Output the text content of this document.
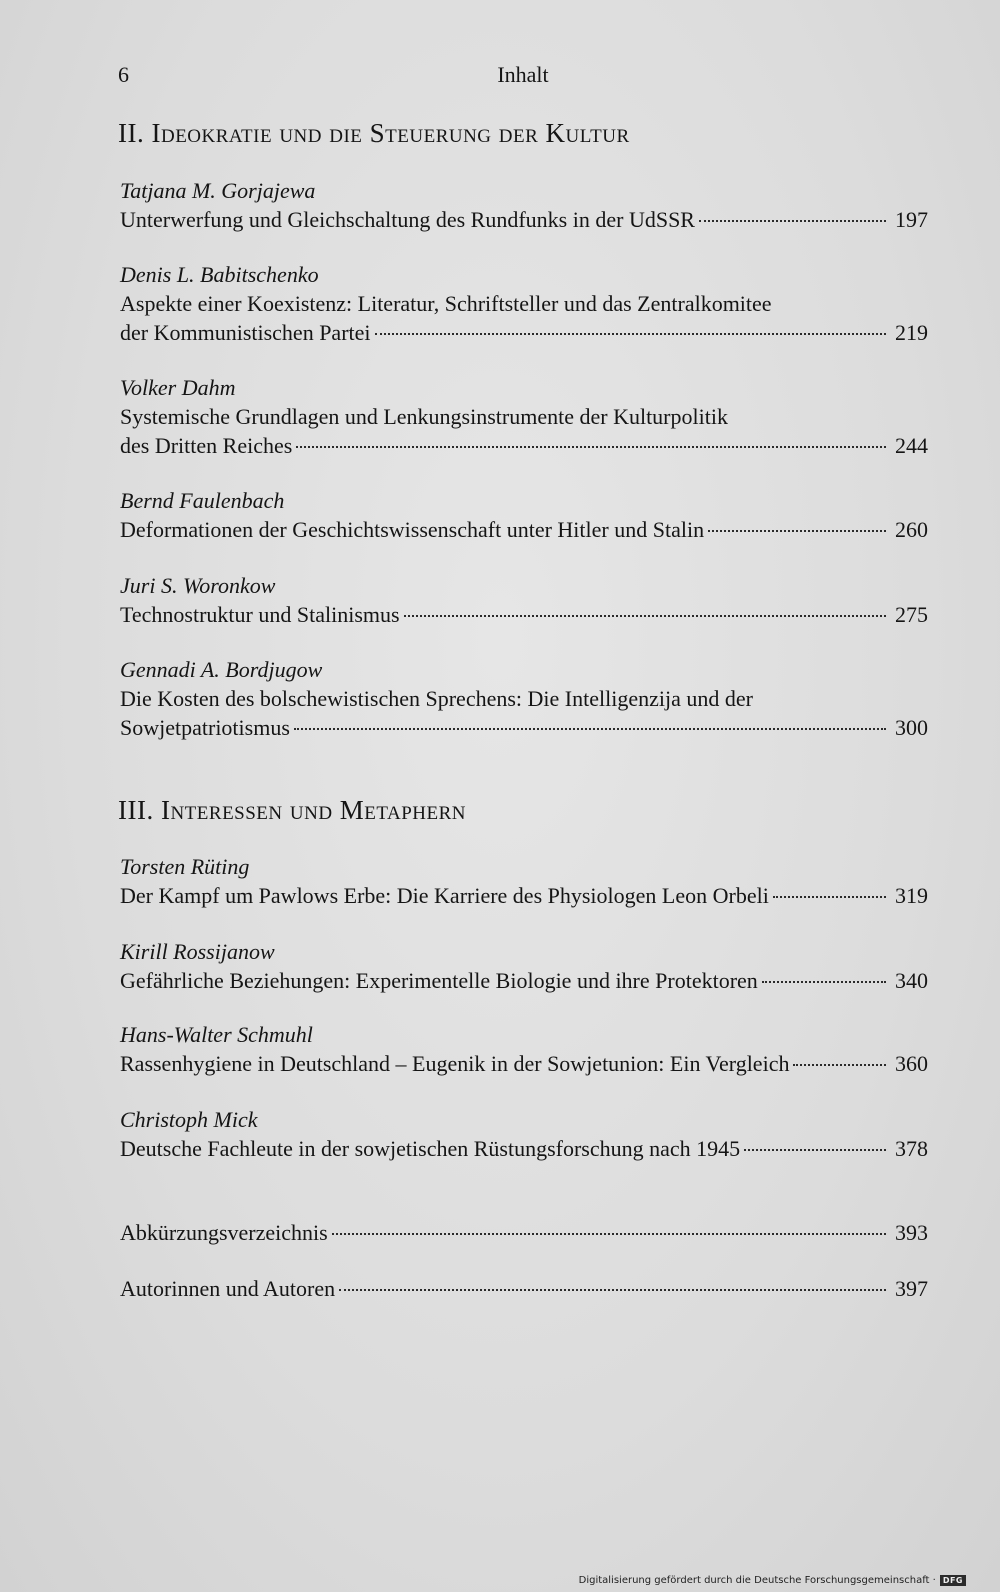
6	Inhalt
II. Ideokratie und die Steuerung der Kultur
Tatjana M. Gorjajewa
Unterwerfung und Gleichschaltung des Rundfunks in der UdSSR	197
Denis L. Babitschenko
Aspekte einer Koexistenz: Literatur, Schriftsteller und das Zentralkomitee
der Kommunistischen Partei	219
Volker Dahm
Systemische Grundlagen und Lenkungsinstrumente der Kulturpolitik
des Dritten Reiches	244
Bernd Faulenbach
Deformationen der Geschichtswissenschaft unter Hitler und Stalin	260
Juri S. Woronkow
Technostruktur und Stalinismus	275
Gennadi A. Bordjugow
Die Kosten des bolschewistischen Sprechens: Die Intelligenzija und der
Sowjetpatriotismus	300
III. Interessen und Metaphern
Torsten Rüting
Der Kampf um Pawlows Erbe: Die Karriere des Physiologen Leon Orbeli	319
Kirill Rossijanow
Gefährliche Beziehungen: Experimentelle Biologie und ihre Protektoren	340
Hans-Walter Schmuhl
Rassenhygiene in Deutschland – Eugenik in der Sowjetunion: Ein Vergleich	360
Christoph Mick
Deutsche Fachleute in der sowjetischen Rüstungsforschung nach 1945	378
Abkürzungsverzeichnis	393
Autorinnen und Autoren	397
Digitalisierung gefördert durch die Deutsche Forschungsgemeinschaft · DFG
